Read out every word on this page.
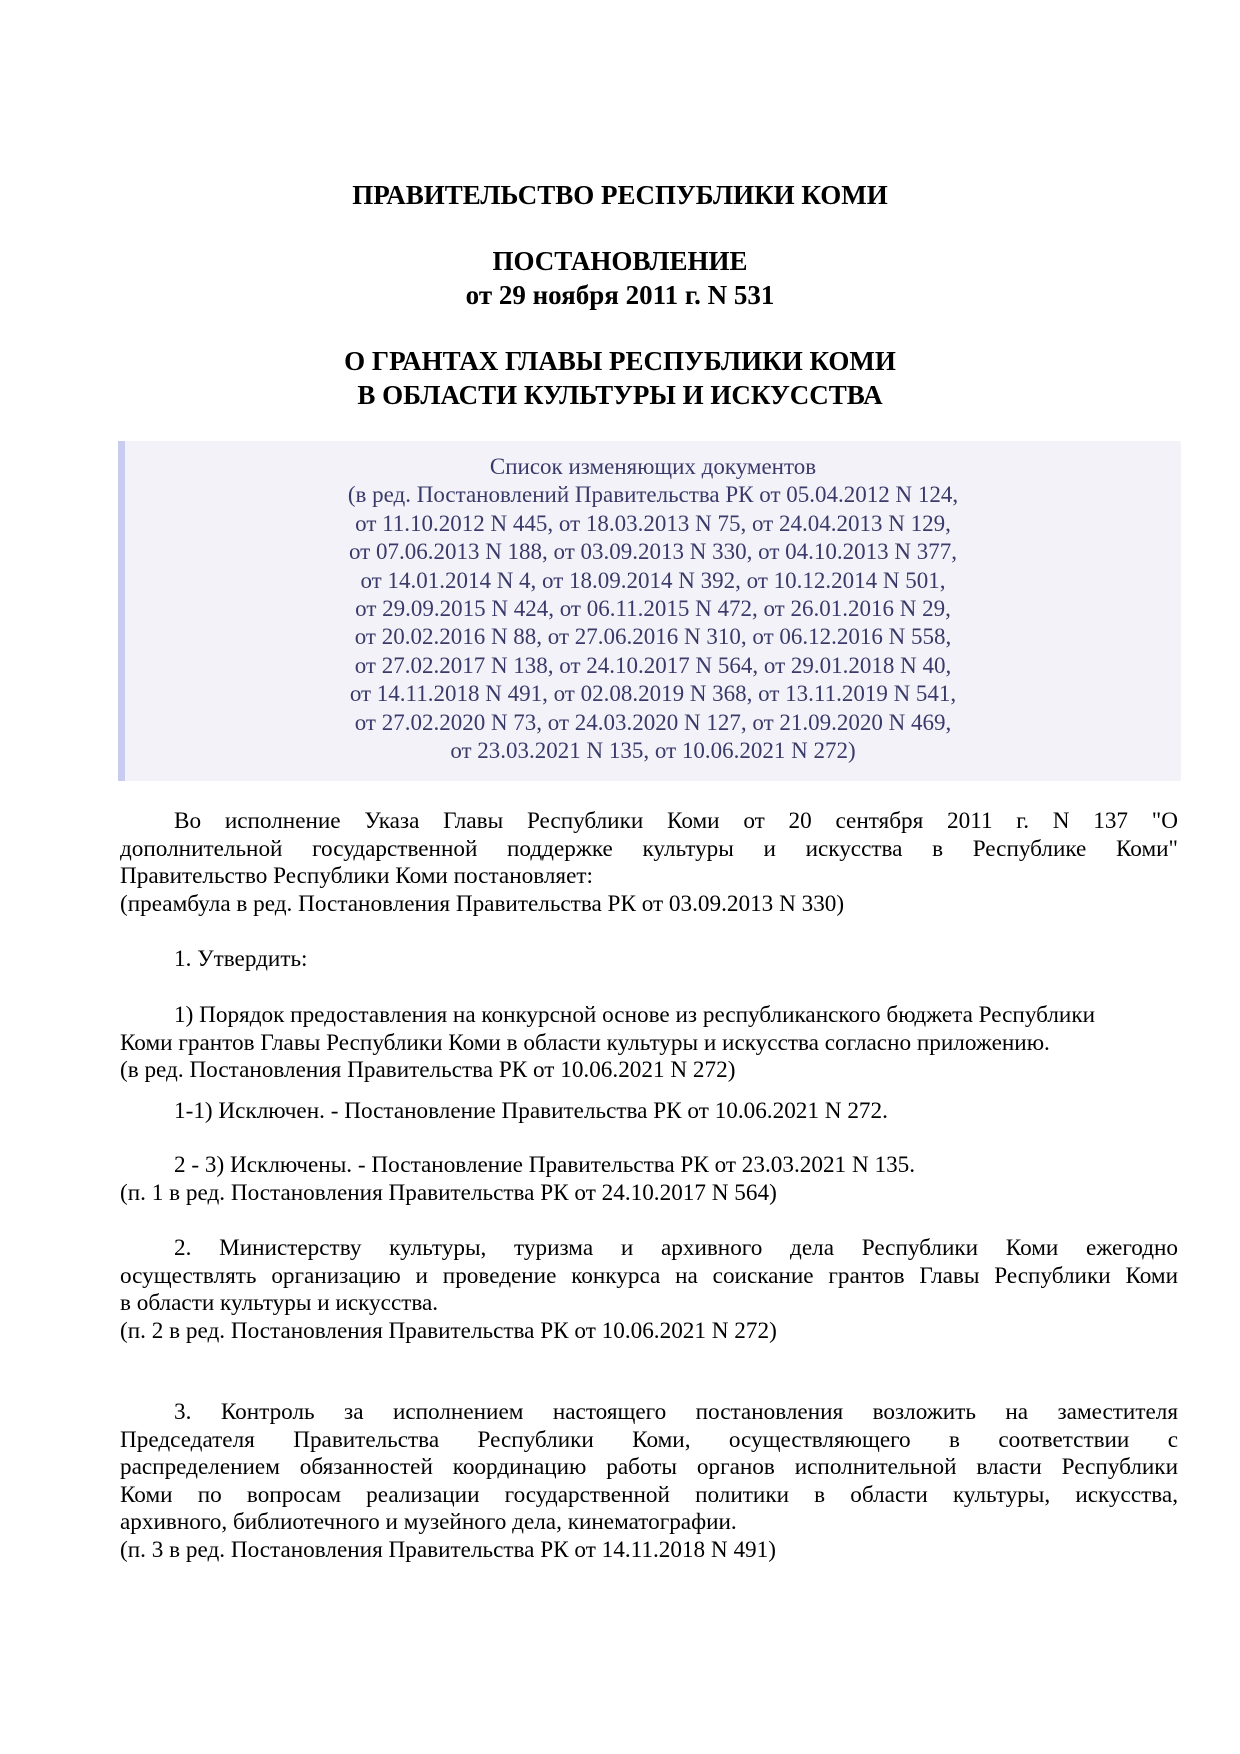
ПРАВИТЕЛЬСТВО РЕСПУБЛИКИ КОМИ
ПОСТАНОВЛЕНИЕ
от 29 ноября 2011 г. N 531
О ГРАНТАХ ГЛАВЫ РЕСПУБЛИКИ КОМИ
В ОБЛАСТИ КУЛЬТУРЫ И ИСКУССТВА
Список изменяющих документов
(в ред. Постановлений Правительства РК от 05.04.2012 N 124,
от 11.10.2012 N 445, от 18.03.2013 N 75, от 24.04.2013 N 129,
от 07.06.2013 N 188, от 03.09.2013 N 330, от 04.10.2013 N 377,
от 14.01.2014 N 4, от 18.09.2014 N 392, от 10.12.2014 N 501,
от 29.09.2015 N 424, от 06.11.2015 N 472, от 26.01.2016 N 29,
от 20.02.2016 N 88, от 27.06.2016 N 310, от 06.12.2016 N 558,
от 27.02.2017 N 138, от 24.10.2017 N 564, от 29.01.2018 N 40,
от 14.11.2018 N 491, от 02.08.2019 N 368, от 13.11.2019 N 541,
от 27.02.2020 N 73, от 24.03.2020 N 127, от 21.09.2020 N 469,
от 23.03.2021 N 135, от 10.06.2021 N 272)
Во исполнение Указа Главы Республики Коми от 20 сентября 2011 г. N 137 "О
дополнительной государственной поддержке культуры и искусства в Республике Коми"
Правительство Республики Коми постановляет:
(преамбула в ред. Постановления Правительства РК от 03.09.2013 N 330)
1. Утвердить:
1) Порядок предоставления на конкурсной основе из республиканского бюджета Республики
Коми грантов Главы Республики Коми в области культуры и искусства согласно приложению.
(в ред. Постановления Правительства РК от 10.06.2021 N 272)
1-1) Исключен. - Постановление Правительства РК от 10.06.2021 N 272.
2 - 3) Исключены. - Постановление Правительства РК от 23.03.2021 N 135.
(п. 1 в ред. Постановления Правительства РК от 24.10.2017 N 564)
2. Министерству культуры, туризма и архивного дела Республики Коми ежегодно
осуществлять организацию и проведение конкурса на соискание грантов Главы Республики Коми
в области культуры и искусства.
(п. 2 в ред. Постановления Правительства РК от 10.06.2021 N 272)
3. Контроль за исполнением настоящего постановления возложить на заместителя
Председателя Правительства Республики Коми, осуществляющего в соответствии с
распределением обязанностей координацию работы органов исполнительной власти Республики
Коми по вопросам реализации государственной политики в области культуры, искусства,
архивного, библиотечного и музейного дела, кинематографии.
(п. 3 в ред. Постановления Правительства РК от 14.11.2018 N 491)
